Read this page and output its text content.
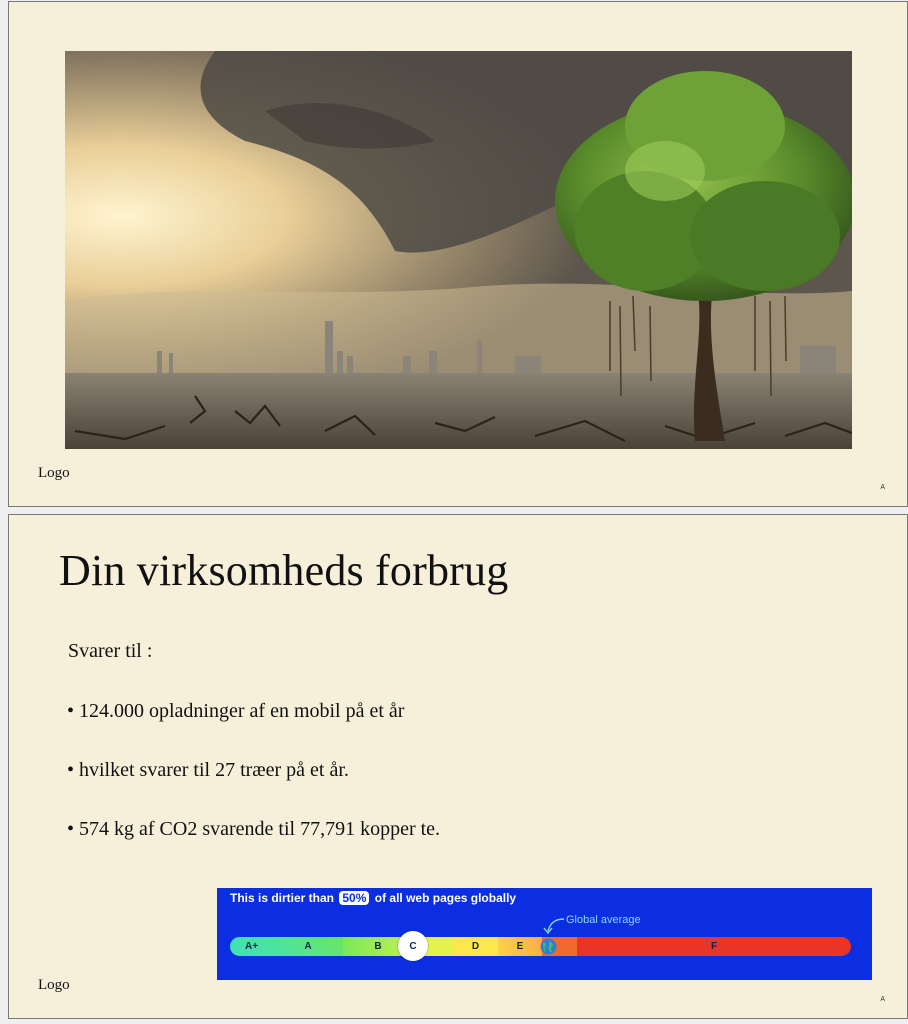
Logo
A
Din virksomheds forbrug
Svarer til :
• 124.000 opladninger af en mobil på et år
• hvilket svarer til 27 træer på et år.
• 574 kg af CO2 svarende til 77,791 kopper te.
This is dirtier than 50% of all web pages globally
Global average
A+	A	B	D	E	F
C
Logo
A
